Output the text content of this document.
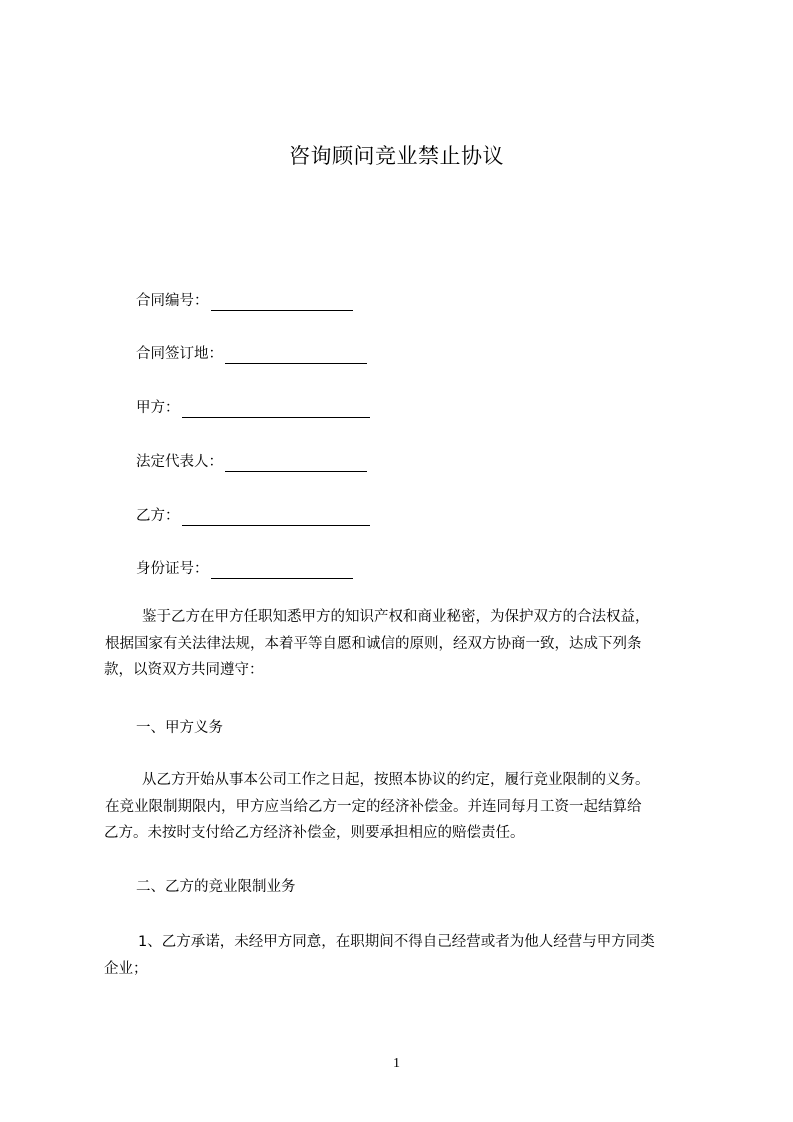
咨询顾问竞业禁止协议
合同编号：
合同签订地：
甲方：
法定代表人：
乙方：
身份证号：
鉴于乙方在甲方任职知悉甲方的知识产权和商业秘密，为保护双方的合法权益，
根据国家有关法律法规，本着平等自愿和诚信的原则，经双方协商一致，达成下列条
款，以资双方共同遵守：
一、甲方义务
从乙方开始从事本公司工作之日起，按照本协议的约定，履行竞业限制的义务。
在竞业限制期限内，甲方应当给乙方一定的经济补偿金。并连同每月工资一起结算给
乙方。未按时支付给乙方经济补偿金，则要承担相应的赔偿责任。
二、乙方的竞业限制业务
1、乙方承诺，未经甲方同意，在职期间不得自己经营或者为他人经营与甲方同类
企业；
1
